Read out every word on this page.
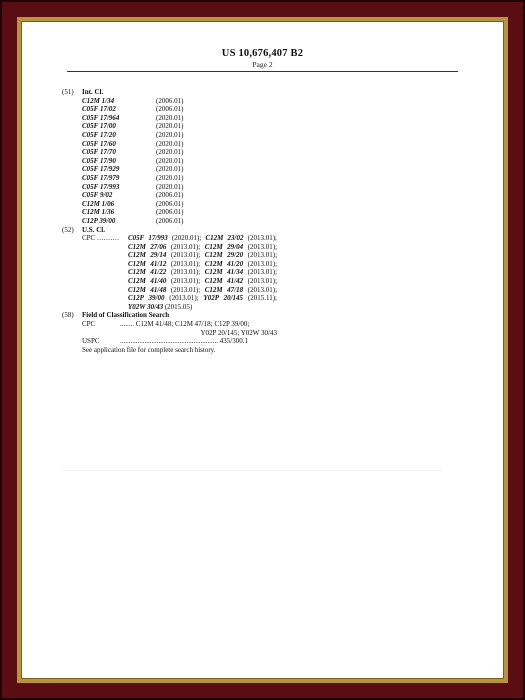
US 10,676,407 B2
Page 2
(51)	Int. Cl.
C12M 1/34	(2006.01)
C05F 17/02	(2006.01)
C05F 17/964	(2020.01)
C05F 17/00	(2020.01)
C05F 17/20	(2020.01)
C05F 17/60	(2020.01)
C05F 17/70	(2020.01)
C05F 17/90	(2020.01)
C05F 17/929	(2020.01)
C05F 17/979	(2020.01)
C05F 17/993	(2020.01)
C05F 9/02	(2006.01)
C12M 1/06	(2006.01)
C12M 1/36	(2006.01)
C12P 39/00	(2006.01)
(52)	U.S. Cl.
CPC ..........	C05F 17/993 (2020.01); C12M 23/02 (2013.01); C12M 27/06 (2013.01); C12M 29/04 (2013.01); C12M 29/14 (2013.01); C12M 29/20 (2013.01); C12M 41/12 (2013.01); C12M 41/20 (2013.01); C12M 41/22 (2013.01); C12M 41/34 (2013.01); C12M 41/40 (2013.01); C12M 41/42 (2013.01); C12M 41/48 (2013.01); C12M 47/18 (2013.01); C12P 39/00 (2013.01); Y02P 20/145 (2015.11); Y02W 30/43 (2015.05)
(58)	Field of Classification Search
CPC	........ C12M 41/48; C12M 47/18; C12P 39/00;
Y02P 20/145; Y02W 30/43
USPC	........................................................ 435/300.1
See application file for complete search history.
